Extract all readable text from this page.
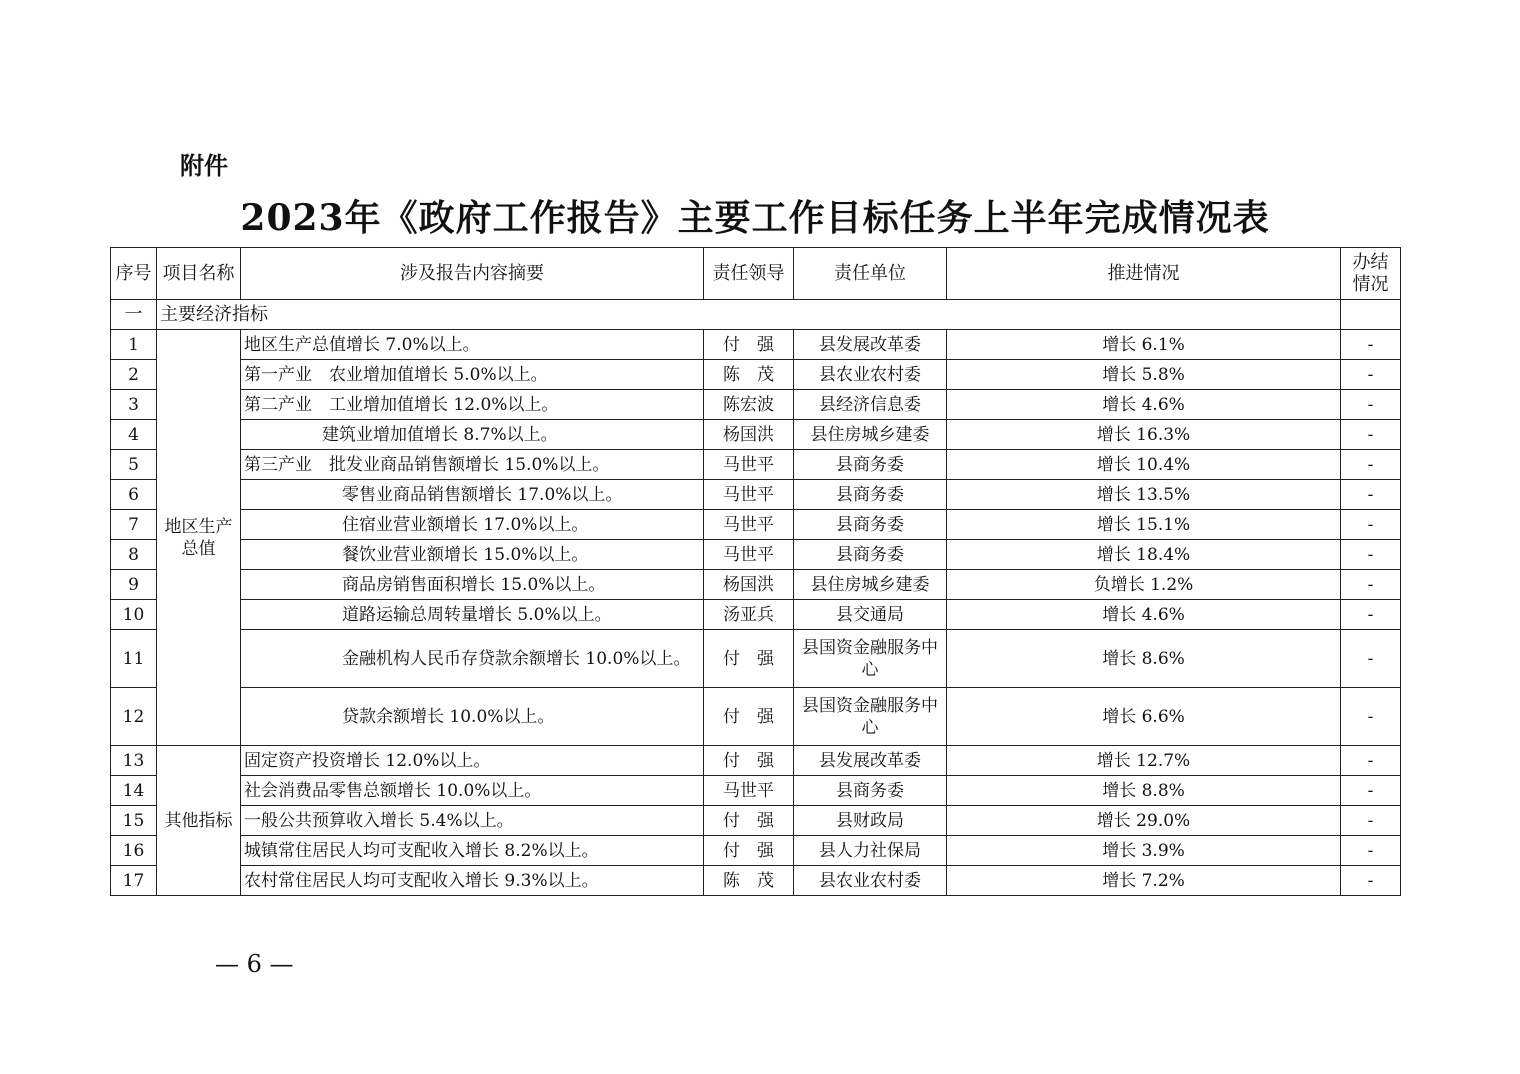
附件
2023年《政府工作报告》主要工作目标任务上半年完成情况表
序号	项目名称	涉及报告内容摘要	责任领导	责任单位	推进情况	办结情况
一	主要经济指标					
1	地区生产总值	地区生产总值增长 7.0%以上。	付　强	县发展改革委	增长 6.1%	-
2		第一产业　农业增加值增长 5.0%以上。	陈　茂	县农业农村委	增长 5.8%	-
3		第二产业　工业增加值增长 12.0%以上。	陈宏波	县经济信息委	增长 4.6%	-
4		建筑业增加值增长 8.7%以上。	杨国洪	县住房城乡建委	增长 16.3%	-
5		第三产业　批发业商品销售额增长 15.0%以上。	马世平	县商务委	增长 10.4%	-
6		零售业商品销售额增长 17.0%以上。	马世平	县商务委	增长 13.5%	-
7		住宿业营业额增长 17.0%以上。	马世平	县商务委	增长 15.1%	-
8		餐饮业营业额增长 15.0%以上。	马世平	县商务委	增长 18.4%	-
9		商品房销售面积增长 15.0%以上。	杨国洪	县住房城乡建委	负增长 1.2%	-
10		道路运输总周转量增长 5.0%以上。	汤亚兵	县交通局	增长 4.6%	-
11		金融机构人民币存贷款余额增长 10.0%以上。	付　强	县国资金融服务中心	增长 8.6%	-
12		贷款余额增长 10.0%以上。	付　强	县国资金融服务中心	增长 6.6%	-
13	其他指标	固定资产投资增长 12.0%以上。	付　强	县发展改革委	增长 12.7%	-
14		社会消费品零售总额增长 10.0%以上。	马世平	县商务委	增长 8.8%	-
15		一般公共预算收入增长 5.4%以上。	付　强	县财政局	增长 29.0%	-
16		城镇常住居民人均可支配收入增长 8.2%以上。	付　强	县人力社保局	增长 3.9%	-
17		农村常住居民人均可支配收入增长 9.3%以上。	陈　茂	县农业农村委	增长 7.2%	-
— 6 —
